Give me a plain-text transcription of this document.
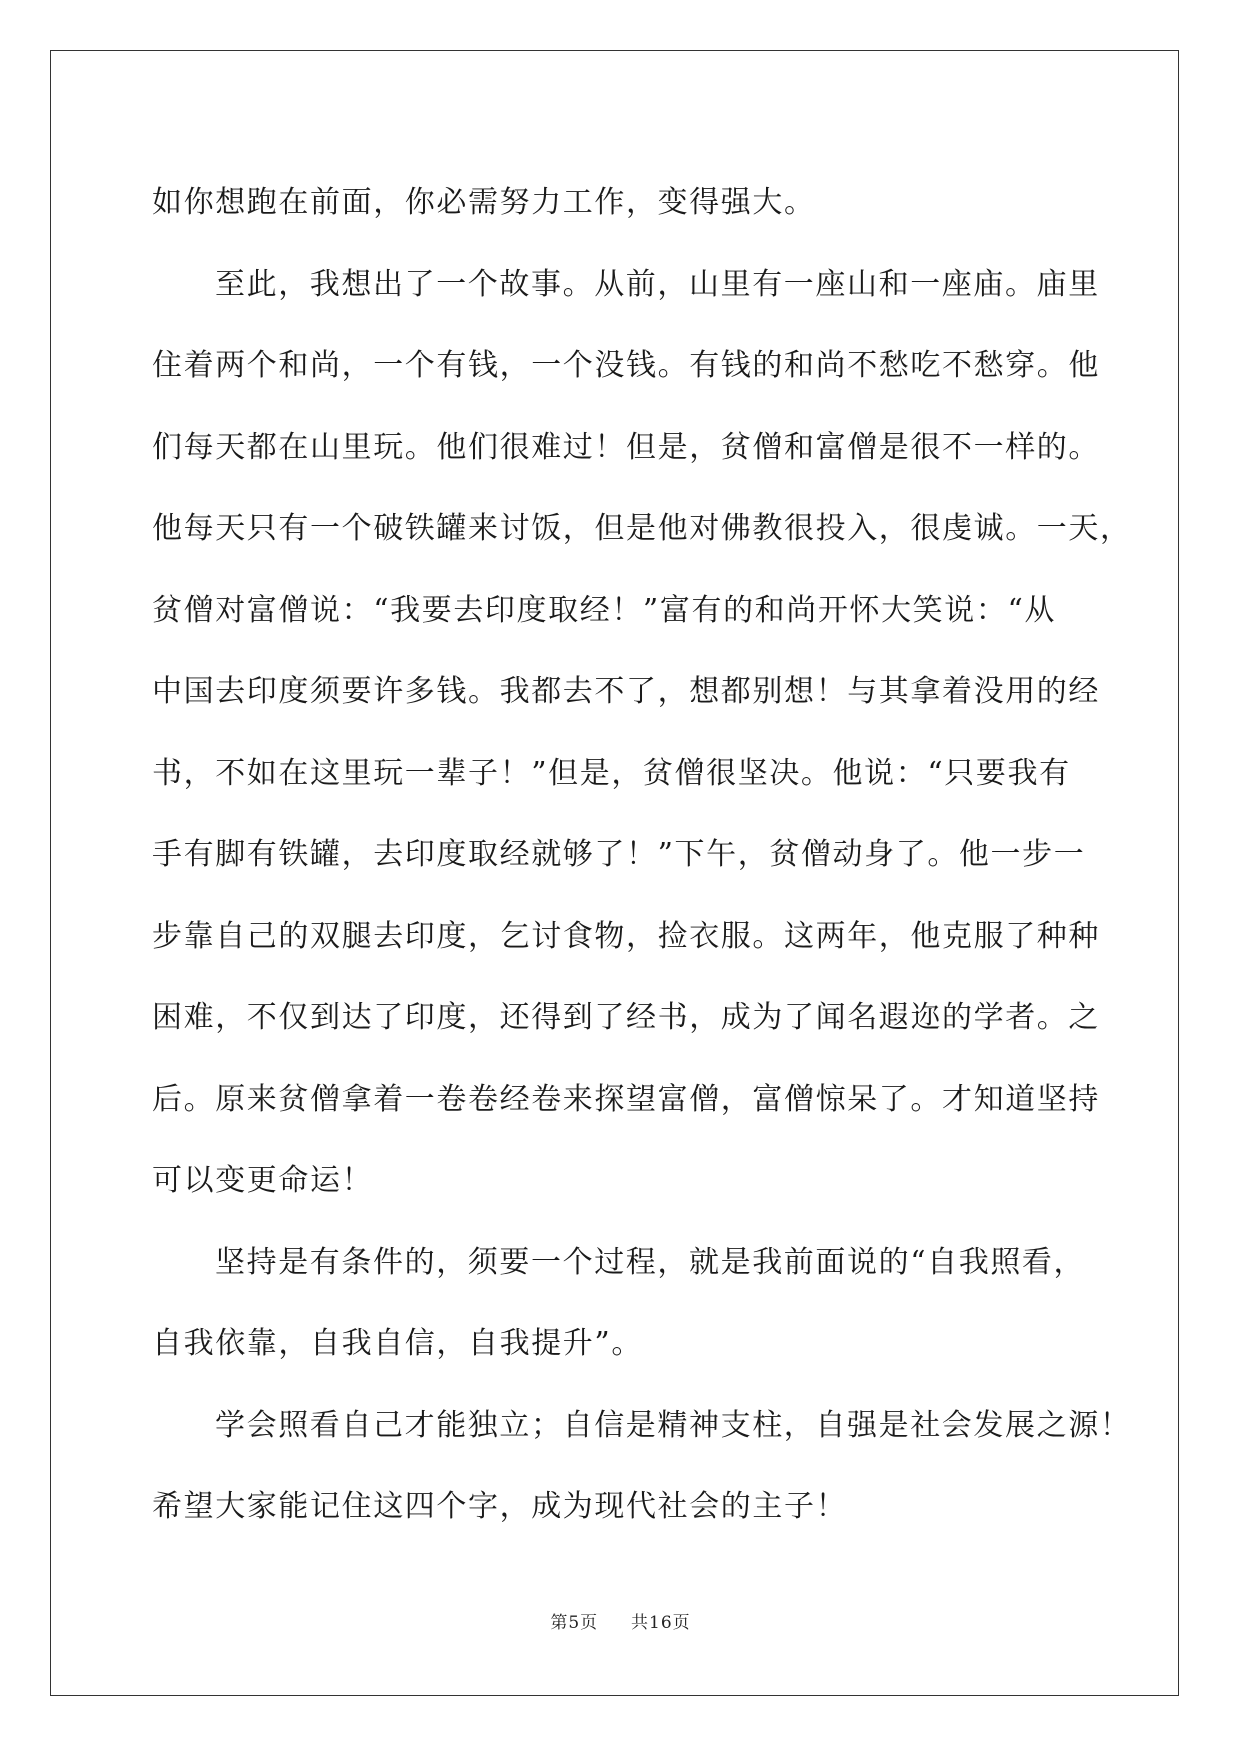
如你想跑在前面，你必需努力工作，变得强大。
至此，我想出了一个故事。从前，山里有一座山和一座庙。庙里
住着两个和尚，一个有钱，一个没钱。有钱的和尚不愁吃不愁穿。他
们每天都在山里玩。他们很难过！但是，贫僧和富僧是很不一样的。
他每天只有一个破铁罐来讨饭，但是他对佛教很投入，很虔诚。一天，
贫僧对富僧说：“我要去印度取经！”富有的和尚开怀大笑说：“从
中国去印度须要许多钱。我都去不了，想都别想！与其拿着没用的经
书，不如在这里玩一辈子！”但是，贫僧很坚决。他说：“只要我有
手有脚有铁罐，去印度取经就够了！”下午，贫僧动身了。他一步一
步靠自己的双腿去印度，乞讨食物，捡衣服。这两年，他克服了种种
困难，不仅到达了印度，还得到了经书，成为了闻名遐迩的学者。之
后。原来贫僧拿着一卷卷经卷来探望富僧，富僧惊呆了。才知道坚持
可以变更命运！
坚持是有条件的，须要一个过程，就是我前面说的“自我照看，
自我依靠，自我自信，自我提升”。
学会照看自己才能独立；自信是精神支柱，自强是社会发展之源！
希望大家能记住这四个字，成为现代社会的主子！
第5页 共16页
